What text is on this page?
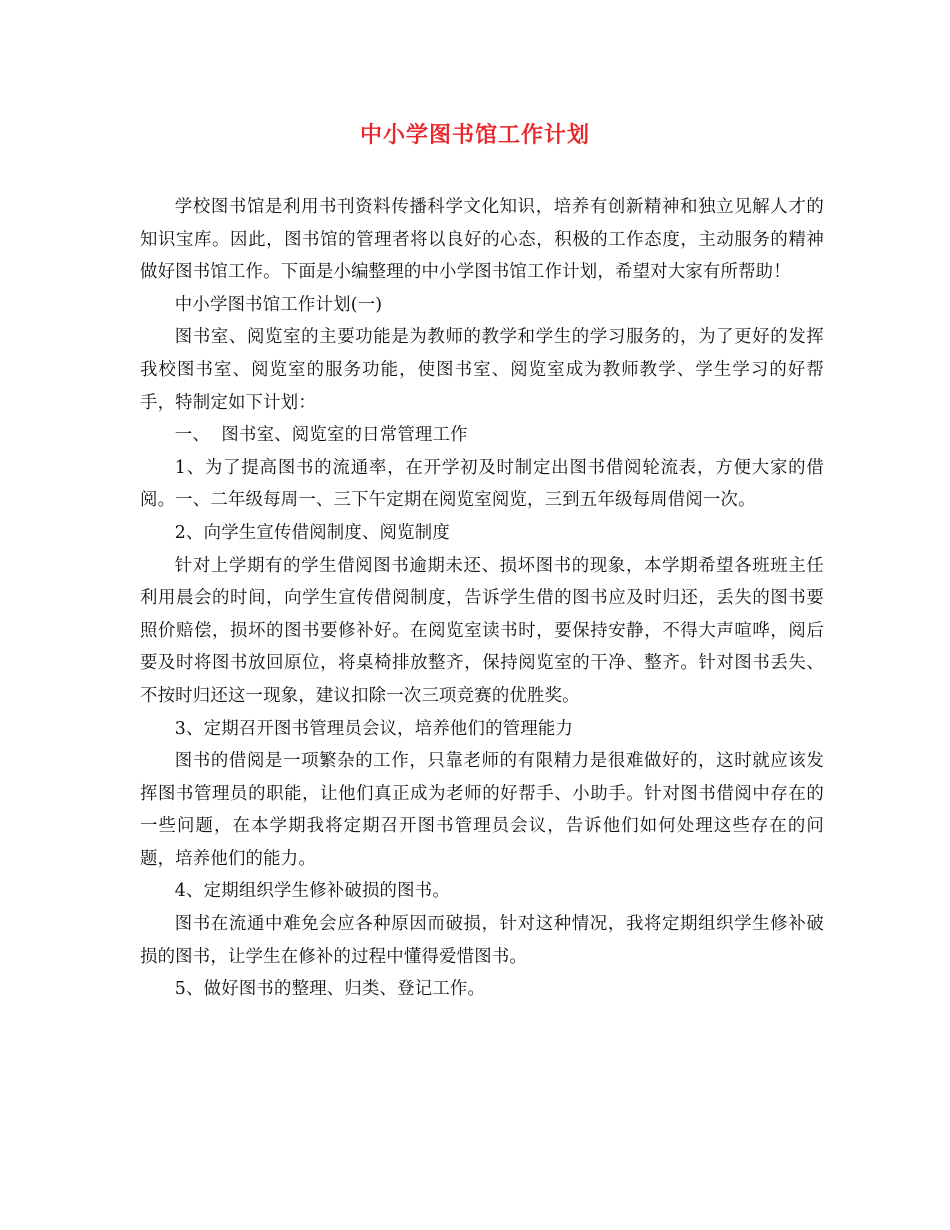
中小学图书馆工作计划

学校图书馆是利用书刊资料传播科学文化知识，培养有创新精神和独立见解人才的知识宝库。因此，图书馆的管理者将以良好的心态，积极的工作态度，主动服务的精神做好图书馆工作。下面是小编整理的中小学图书馆工作计划，希望对大家有所帮助！

中小学图书馆工作计划(一)

图书室、阅览室的主要功能是为教师的教学和学生的学习服务的，为了更好的发挥我校图书室、阅览室的服务功能，使图书室、阅览室成为教师教学、学生学习的好帮手，特制定如下计划：

一、  图书室、阅览室的日常管理工作

1、为了提高图书的流通率，在开学初及时制定出图书借阅轮流表，方便大家的借阅。一、二年级每周一、三下午定期在阅览室阅览，三到五年级每周借阅一次。

2、向学生宣传借阅制度、阅览制度

针对上学期有的学生借阅图书逾期未还、损坏图书的现象，本学期希望各班班主任利用晨会的时间，向学生宣传借阅制度，告诉学生借的图书应及时归还，丢失的图书要照价赔偿，损坏的图书要修补好。在阅览室读书时，要保持安静，不得大声喧哗，阅后要及时将图书放回原位，将桌椅排放整齐，保持阅览室的干净、整齐。针对图书丢失、不按时归还这一现象，建议扣除一次三项竞赛的优胜奖。

3、定期召开图书管理员会议，培养他们的管理能力

图书的借阅是一项繁杂的工作，只靠老师的有限精力是很难做好的，这时就应该发挥图书管理员的职能，让他们真正成为老师的好帮手、小助手。针对图书借阅中存在的一些问题，在本学期我将定期召开图书管理员会议，告诉他们如何处理这些存在的问题，培养他们的能力。

4、定期组织学生修补破损的图书。

图书在流通中难免会应各种原因而破损，针对这种情况，我将定期组织学生修补破损的图书，让学生在修补的过程中懂得爱惜图书。

5、做好图书的整理、归类、登记工作。
